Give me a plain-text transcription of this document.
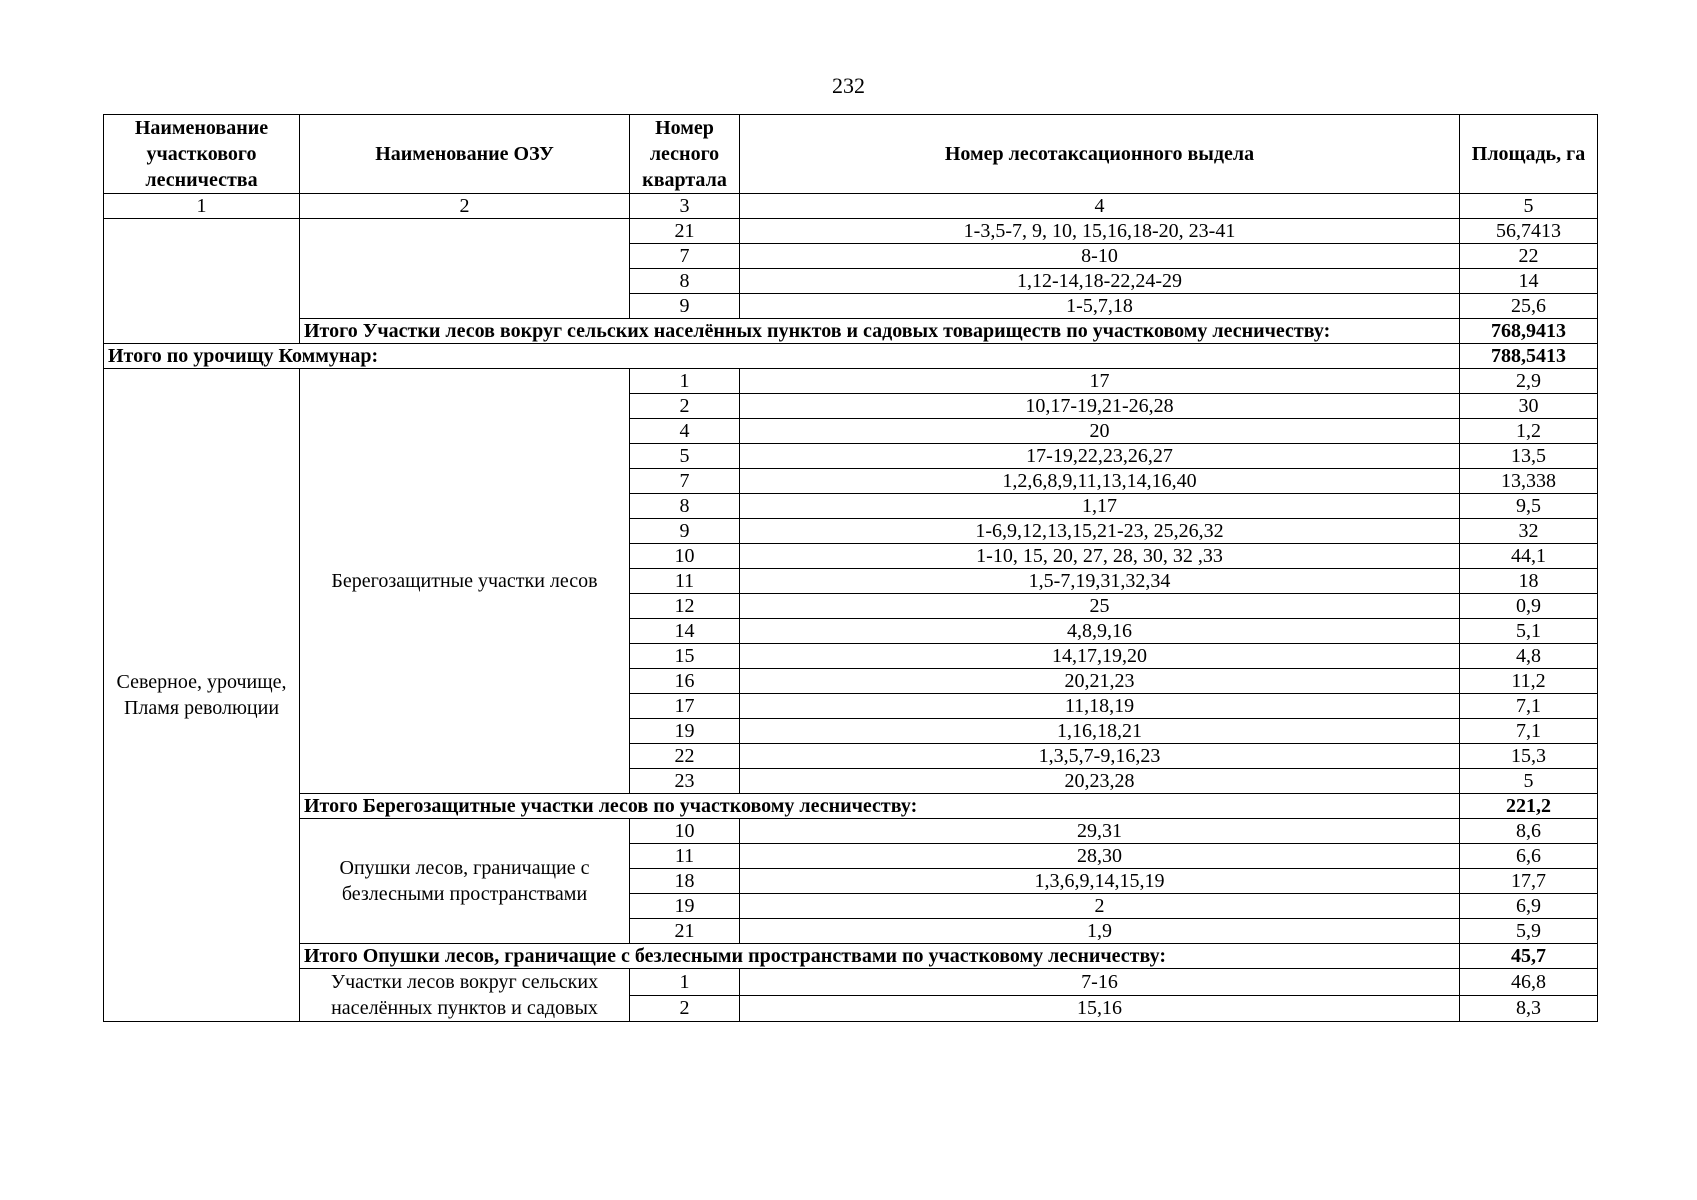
232
Наименование участкового лесничества	Наименование ОЗУ	Номер лесного квартала	Номер лесотаксационного выдела	Площадь, га
1	2	3	4	5
		21	1-3,5-7, 9, 10, 15,16,18-20, 23-41	56,7413
		7	8-10	22
		8	1,12-14,18-22,24-29	14
		9	1-5,7,18	25,6
	Итого Участки лесов вокруг сельских населённых пунктов и садовых товариществ по участковому лесничеству:			768,9413
Итого по урочищу Коммунар:				788,5413
Северное, урочище, Пламя революции	Берегозащитные участки лесов	1	17	2,9
		2	10,17-19,21-26,28	30
		4	20	1,2
		5	17-19,22,23,26,27	13,5
		7	1,2,6,8,9,11,13,14,16,40	13,338
		8	1,17	9,5
		9	1-6,9,12,13,15,21-23, 25,26,32	32
		10	1-10, 15, 20, 27, 28, 30, 32 ,33	44,1
		11	1,5-7,19,31,32,34	18
		12	25	0,9
		14	4,8,9,16	5,1
		15	14,17,19,20	4,8
		16	20,21,23	11,2
		17	11,18,19	7,1
		19	1,16,18,21	7,1
		22	1,3,5,7-9,16,23	15,3
		23	20,23,28	5
	Итого Берегозащитные участки лесов по участковому лесничеству:			221,2
	Опушки лесов, граничащие с безлесными пространствами	10	29,31	8,6
		11	28,30	6,6
		18	1,3,6,9,14,15,19	17,7
		19	2	6,9
		21	1,9	5,9
	Итого Опушки лесов, граничащие с безлесными пространствами по участковому лесничеству:			45,7
	Участки лесов вокруг сельских населённых пунктов и садовых	1	7-16	46,8
		2	15,16	8,3
